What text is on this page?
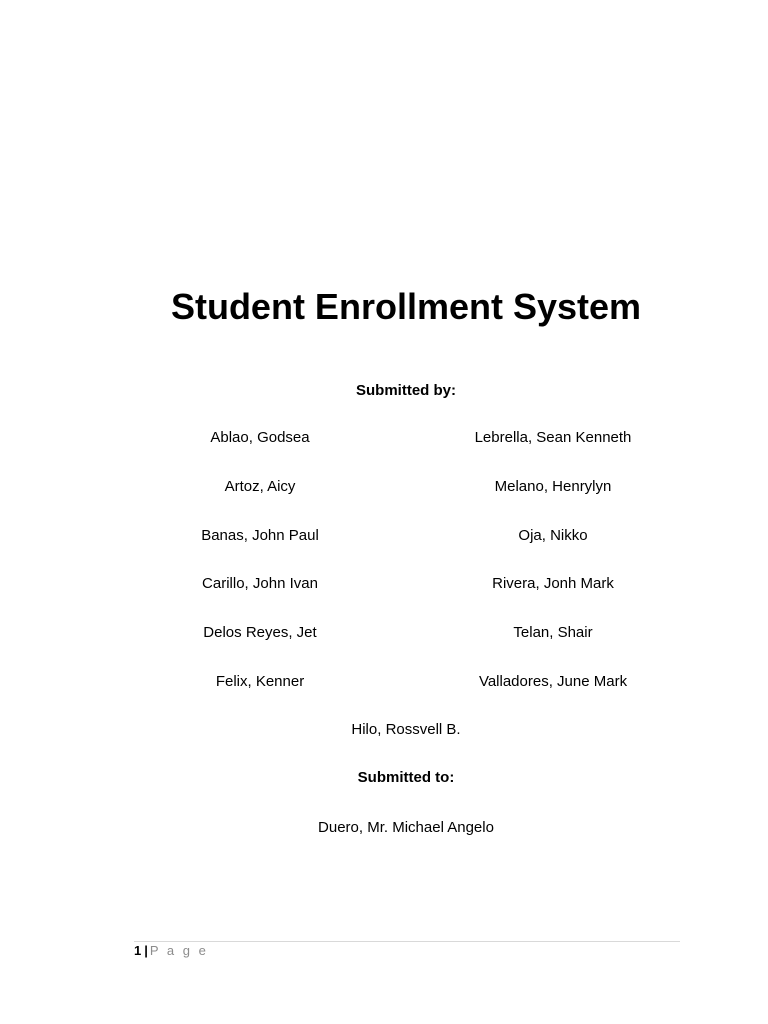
Student Enrollment System
Submitted by:
Ablao, Godsea	Lebrella, Sean Kenneth
Artoz, Aicy	Melano, Henrylyn
Banas, John Paul	Oja, Nikko
Carillo, John Ivan	Rivera, Jonh Mark
Delos Reyes, Jet	Telan, Shair
Felix, Kenner	Valladores, June Mark
Hilo, Rossvell B.
Submitted to:
Duero, Mr. Michael Angelo
1 | P a g e
